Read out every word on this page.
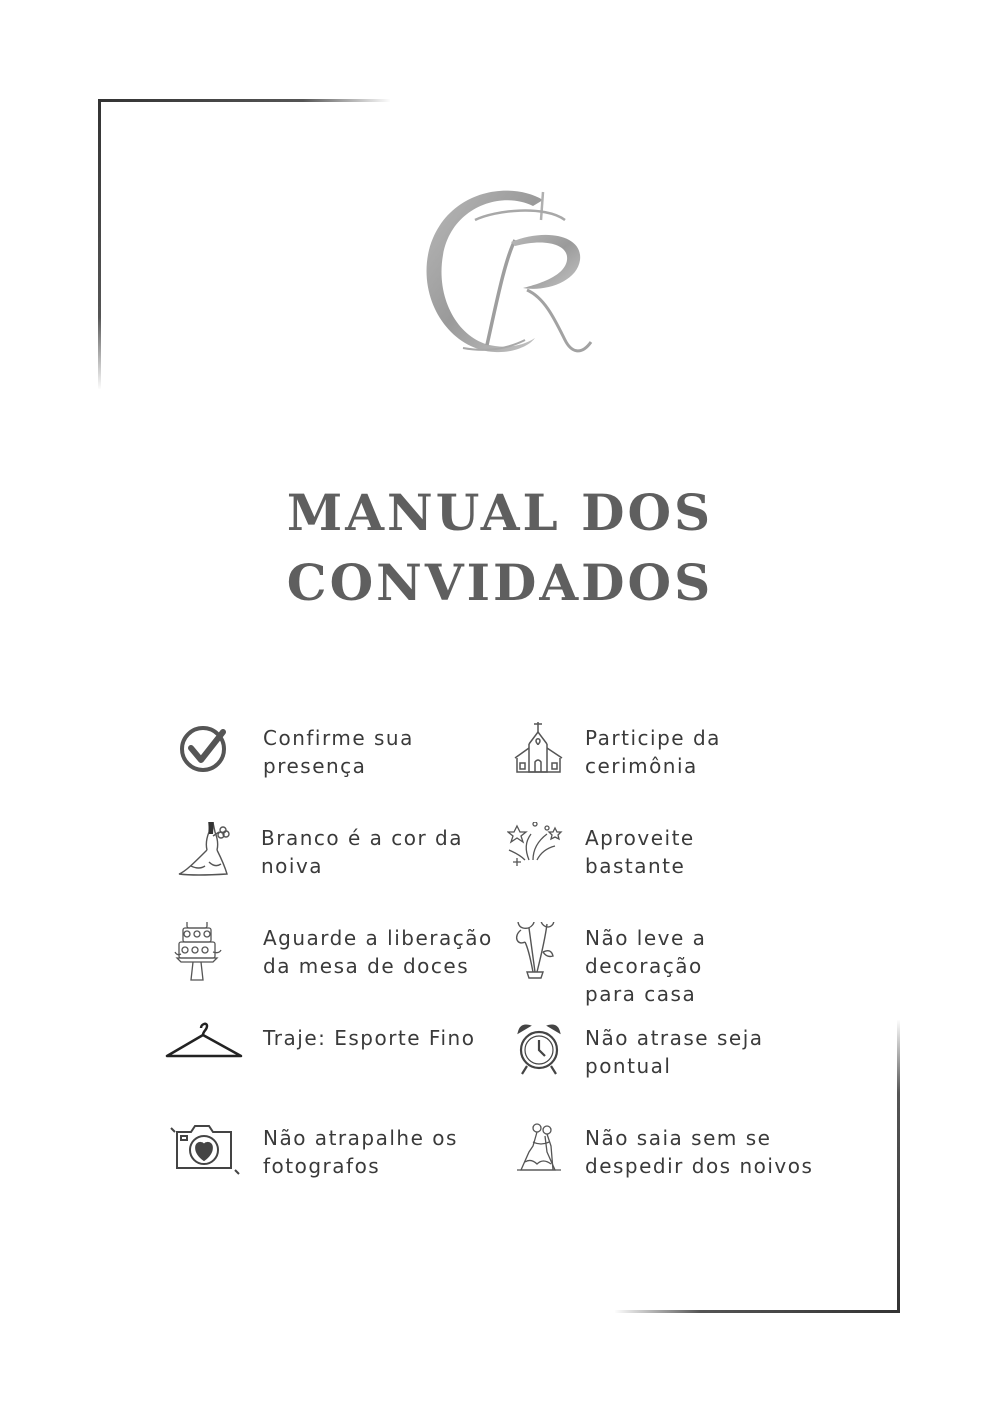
MANUAL DOS
CONVIDADOS
Confirme sua
presença
Participe da
cerimônia
Branco é a cor da
noiva
Aproveite
bastante
Aguarde a liberação
da mesa de doces
Não leve a decoração
para casa
Traje: Esporte Fino	Não atrase seja
pontual
Não atrapalhe os
fotografos
Não saia sem se
despedir dos noivos
